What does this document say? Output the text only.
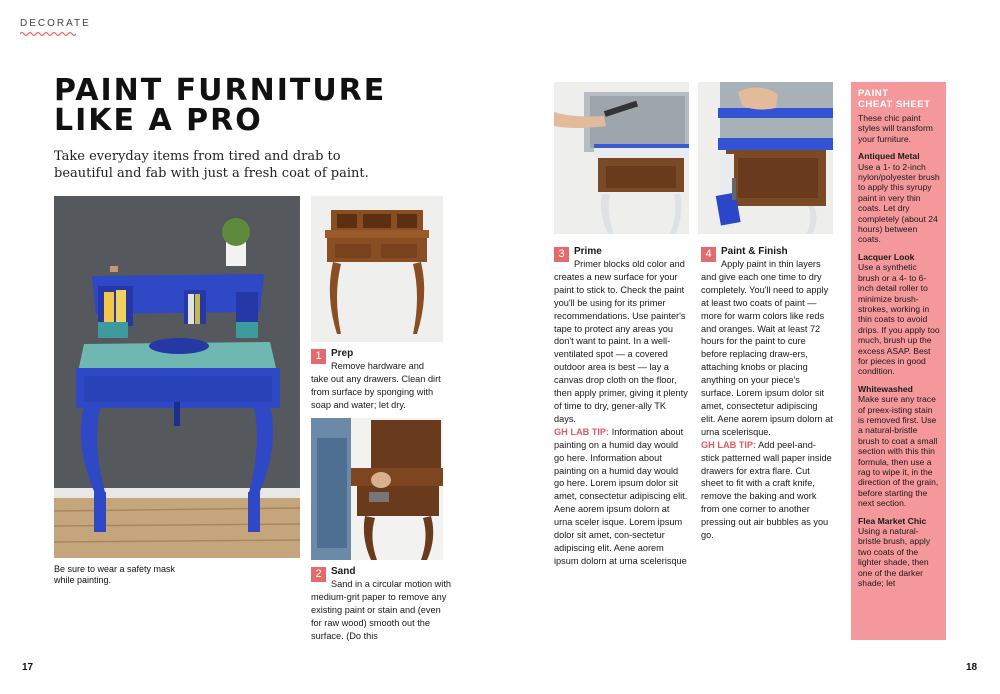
DECORATE
PAINT FURNITURE
LIKE A PRO
Take everyday items from tired and drab to beautiful and fab with just a fresh coat of paint.
Be sure to wear a safety mask while painting.
1 Prep

Remove hardware and take out any drawers. Clean dirt from surface by sponging with soap and water; let dry.

2 Sand

Sand in a circular motion with medium-grit paper to remove any existing paint or stain and (even for raw wood) smooth out the surface. (Do this

3 Prime

Primer blocks old color and creates a new surface for your paint to stick to. Check the paint you'll be using for its primer recommendations. Use painter's tape to protect any areas you don't want to paint. In a well-ventilated spot — a covered outdoor area is best — lay a canvas drop cloth on the floor, then apply primer, giving it plenty of time to dry, gener-ally TK days.

GH LAB TIP: Information about painting on a humid day would go here. Information about painting on a humid day would go here. Lorem ipsum dolor sit amet, consectetur adipiscing elit. Aene aorem ipsum dolorn at urna sceler isque. Lorem ipsum dolor sit amet, con-sectetur adipiscing elit. Aene aorem ipsum dolorn at urna scelerisque

4 Paint & Finish

Apply paint in thin layers and give each one time to dry completely. You'll need to apply at least two coats of paint — more for warm colors like reds and oranges. Wait at least 72 hours for the paint to cure before replacing draw-ers, attaching knobs or placing anything on your piece's surface. Lorem ipsum dolor sit amet, consectetur adipiscing elit. Aene aorem ipsum dolorn at urna scelerisque.

GH LAB TIP: Add peel-and-stick patterned wall paper inside drawers for extra flare. Cut sheet to fit with a craft knife, remove the baking and work from one corner to another pressing out air bubbles as you go.

PAINT
CHEAT SHEET
These chic paint styles will transform your furniture.
Antiqued Metal
Use a 1- to 2-inch nylon/polyester brush to apply this syrupy paint in very thin coats. Let dry completely (about 24 hours) between coats.
Lacquer Look
Use a synthetic brush or a 4- to 6-inch detail roller to minimize brush-strokes, working in thin coats to avoid drips. If you apply too much, brush up the excess ASAP. Best for pieces in good condition.
Whitewashed
Make sure any trace of preex-isting stain is removed first. Use a natural-bristle brush to coat a small section with this thin formula, then use a rag to wipe it, in the direction of the grain, before starting the next section.
Flea Market Chic
Using a natural-bristle brush, apply two coats of the lighter shade, then one of the darker shade; let
17	18
